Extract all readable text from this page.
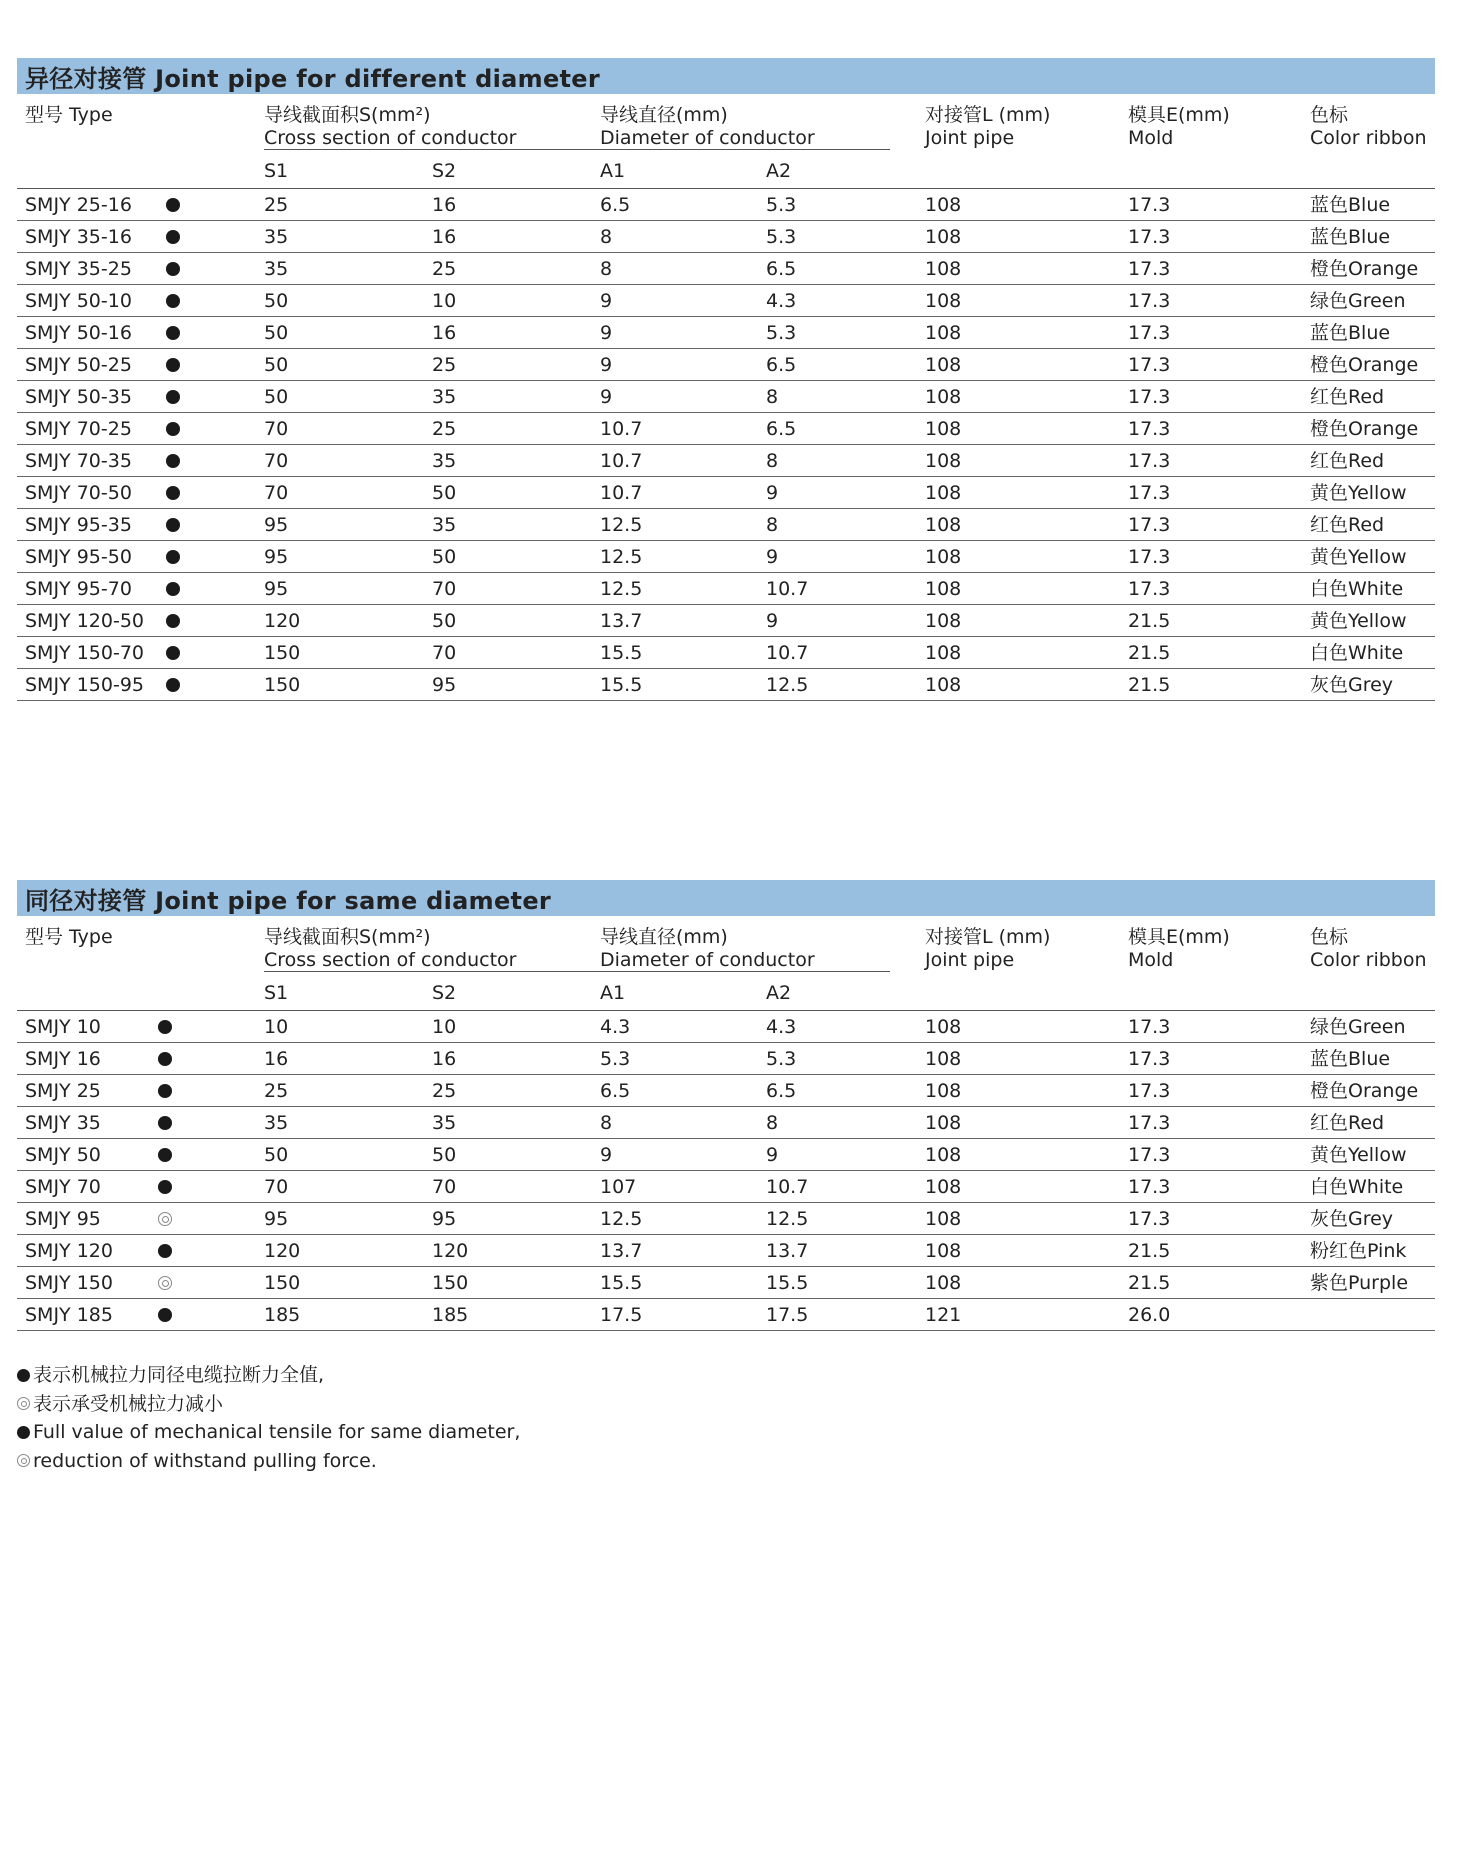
异径对接管 Joint pipe for different diameter
型号 Type	导线截面积S(mm²)
Cross section of conductor
导线直径(mm)
Diameter of conductor
对接管L (mm)
Joint pipe
模具E(mm)
Mold
色标
Color ribbon
S1	S2	A1	A2
SMJY 25-16	25	16	6.5	5.3	108	17.3	蓝色Blue
SMJY 35-16	35	16	8	5.3	108	17.3	蓝色Blue
SMJY 35-25	35	25	8	6.5	108	17.3	橙色Orange
SMJY 50-10	50	10	9	4.3	108	17.3	绿色Green
SMJY 50-16	50	16	9	5.3	108	17.3	蓝色Blue
SMJY 50-25	50	25	9	6.5	108	17.3	橙色Orange
SMJY 50-35	50	35	9	8	108	17.3	红色Red
SMJY 70-25	70	25	10.7	6.5	108	17.3	橙色Orange
SMJY 70-35	70	35	10.7	8	108	17.3	红色Red
SMJY 70-50	70	50	10.7	9	108	17.3	黄色Yellow
SMJY 95-35	95	35	12.5	8	108	17.3	红色Red
SMJY 95-50	95	50	12.5	9	108	17.3	黄色Yellow
SMJY 95-70	95	70	12.5	10.7	108	17.3	白色White
SMJY 120-50	120	50	13.7	9	108	21.5	黄色Yellow
SMJY 150-70	150	70	15.5	10.7	108	21.5	白色White
SMJY 150-95	150	95	15.5	12.5	108	21.5	灰色Grey
同径对接管 Joint pipe for same diameter
型号 Type	导线截面积S(mm²)
Cross section of conductor
导线直径(mm)
Diameter of conductor
对接管L (mm)
Joint pipe
模具E(mm)
Mold
色标
Color ribbon
S1	S2	A1	A2
SMJY 10	10	10	4.3	4.3	108	17.3	绿色Green
SMJY 16	16	16	5.3	5.3	108	17.3	蓝色Blue
SMJY 25	25	25	6.5	6.5	108	17.3	橙色Orange
SMJY 35	35	35	8	8	108	17.3	红色Red
SMJY 50	50	50	9	9	108	17.3	黄色Yellow
SMJY 70	70	70	107	10.7	108	17.3	白色White
SMJY 95	95	95	12.5	12.5	108	17.3	灰色Grey
SMJY 120	120	120	13.7	13.7	108	21.5	粉红色Pink
SMJY 150	150	150	15.5	15.5	108	21.5	紫色Purple
SMJY 185	185	185	17.5	17.5	121	26.0
表示机械拉力同径电缆拉断力全值,
表示承受机械拉力减小
Full value of mechanical tensile for same diameter,
reduction of withstand pulling force.
